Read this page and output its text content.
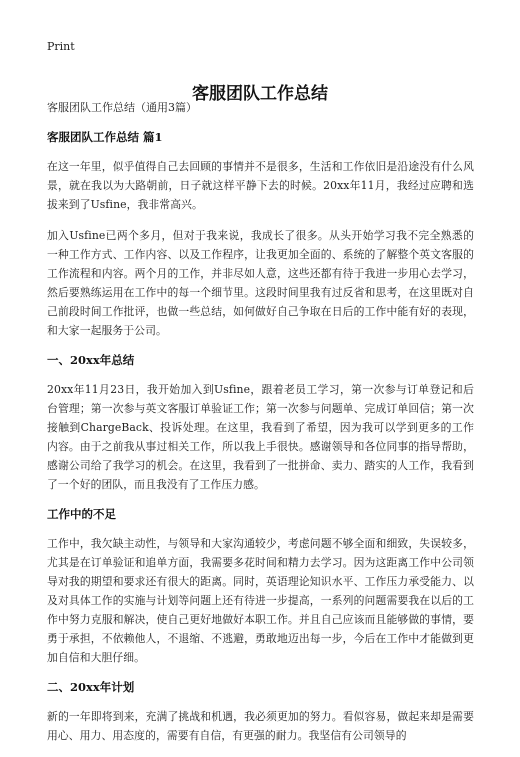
Print
客服团队工作总结

客服团队工作总结（通用3篇）

客服团队工作总结 篇1

在这一年里，似乎值得自己去回顾的事情并不是很多，生活和工作依旧是沿途没有什么风景，就在我以为大路朝前，日子就这样平静下去的时候。20xx年11月，我经过应聘和选拔来到了Usfine，我非常高兴。

加入Usfine已两个多月，但对于我来说，我成长了很多。从头开始学习我不完全熟悉的一种工作方式、工作内容、以及工作程序，让我更加全面的、系统的了解整个英文客服的工作流程和内容。两个月的工作，并非尽如人意，这些还都有待于我进一步用心去学习，然后要熟练运用在工作中的每一个细节里。这段时间里我有过反省和思考，在这里既对自己前段时间工作批评，也做一些总结，如何做好自己争取在日后的工作中能有好的表现，和大家一起服务于公司。

一、20xx年总结

20xx年11月23日，我开始加入到Usfine，跟着老员工学习，第一次参与订单登记和后台管理；第一次参与英文客服订单验证工作；第一次参与问题单、完成订单回信；第一次接触到ChargeBack、投诉处理。在这里，我看到了希望，因为我可以学到更多的工作内容。由于之前我从事过相关工作，所以我上手很快。感谢领导和各位同事的指导帮助，感谢公司给了我学习的机会。在这里，我看到了一批拼命、卖力、踏实的人工作，我看到了一个好的团队，而且我没有了工作压力感。

工作中的不足

工作中，我欠缺主动性，与领导和大家沟通较少，考虑问题不够全面和细致，失误较多，尤其是在订单验证和追单方面，我需要多花时间和精力去学习。因为这距离工作中公司领导对我的期望和要求还有很大的距离。同时，英语理论知识水平、工作压力承受能力、以及对具体工作的实施与计划等问题上还有待进一步提高，一系列的问题需要我在以后的工作中努力克服和解决，使自己更好地做好本职工作。并且自己应该而且能够做的事情，要勇于承担，不依赖他人，不退缩、不逃避，勇敢地迈出每一步，今后在工作中才能做到更加自信和大胆仔细。

二、20xx年计划

新的一年即将到来，充满了挑战和机遇，我必须更加的努力。看似容易，做起来却是需要用心、用力、用态度的，需要有自信，有更强的耐力。我坚信有公司领导的
